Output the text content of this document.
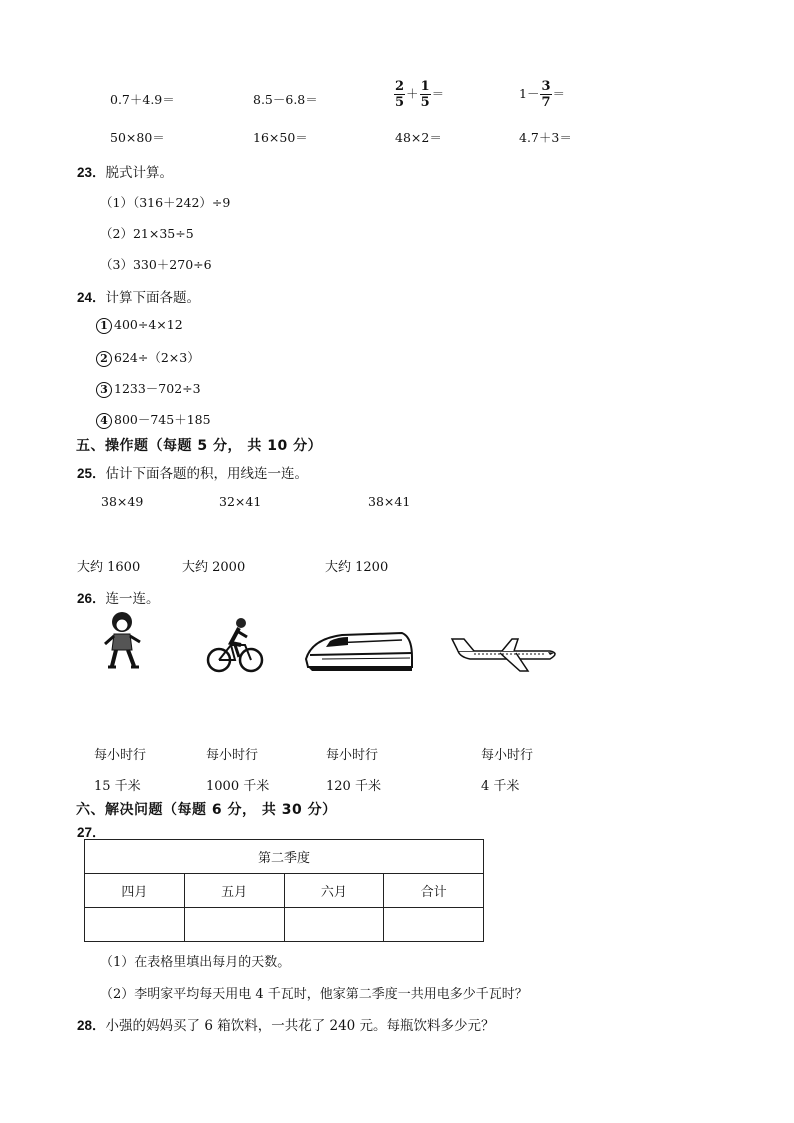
0.7＋4.9＝	8.5－6.8＝	$\frac{2}{5} + \frac{1}{5}$ ＝	$1- \frac{3}{7}$ ＝
50×80＝	16×50＝	48×2＝	4.7＋3＝
23．脱式计算。
（1）（316＋242）÷9
（2）21×35÷5
（3）330＋270÷6
24．计算下面各题。
1 400÷4×12
2 624÷（2×3）
3 1233－702÷3
4 800－745＋185
五、操作题（每题 5 分， 共 10 分）
25．估计下面各题的积，用线连一连。
38×49	32×41	38×41
大约 1600	大约 2000	大约 1200
26．连一连。
每小时行	每小时行	每小时行	每小时行
15 千米	1000 千米	120 千米	4 千米
六、解决问题（每题 6 分， 共 30 分）
27．
第二季度			
四月	五月	六月	合计

（1）在表格里填出每月的天数。
（2）李明家平均每天用电 4 千瓦时，他家第二季度一共用电多少千瓦时？
28．小强的妈妈买了 6 箱饮料，一共花了 240 元。每瓶饮料多少元？
